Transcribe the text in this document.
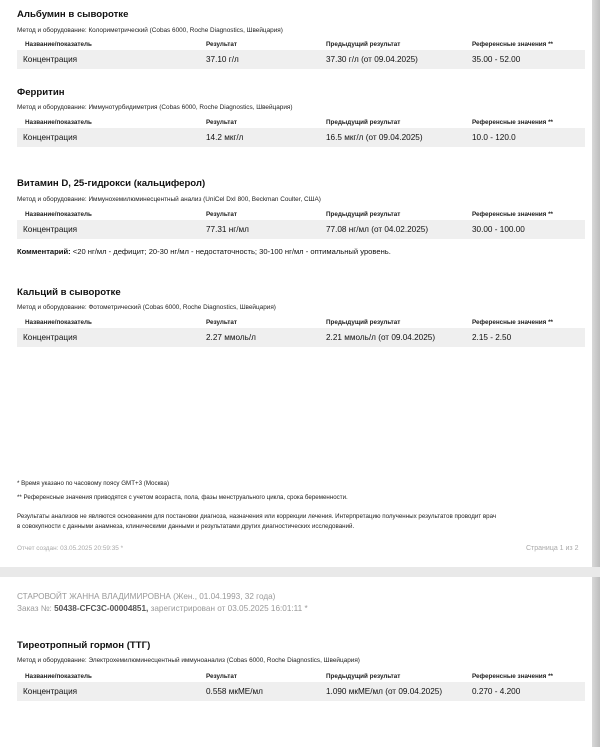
Альбумин в сыворотке
Метод и оборудование: Колориметрический (Cobas 6000, Roche Diagnostics, Швейцария)
Название/показатель	Результат	Предыдущий результат	Референсные значения **
Концентрация	37.10 г/л	37.30 г/л (от 09.04.2025)	35.00 - 52.00
Ферритин
Метод и оборудование: Иммунотурбидиметрия (Cobas 6000, Roche Diagnostics, Швейцария)
Название/показатель	Результат	Предыдущий результат	Референсные значения **
Концентрация	14.2 мкг/л	16.5 мкг/л (от 09.04.2025)	10.0 - 120.0
Витамин D, 25-гидрокси (кальциферол)
Метод и оборудование: Иммунохемилюминесцентный анализ (UniCel DxI 800, Beckman Coulter, США)
Название/показатель	Результат	Предыдущий результат	Референсные значения **
Концентрация	77.31 нг/мл	77.08 нг/мл (от 04.02.2025)	30.00 - 100.00
Комментарий: <20 нг/мл - дефицит; 20-30 нг/мл - недостаточность; 30-100 нг/мл - оптимальный уровень.
Кальций в сыворотке
Метод и оборудование: Фотометрический (Cobas 6000, Roche Diagnostics, Швейцария)
Название/показатель	Результат	Предыдущий результат	Референсные значения **
Концентрация	2.27 ммоль/л	2.21 ммоль/л (от 09.04.2025)	2.15 - 2.50
* Время указано по часовому поясу GMT+3 (Москва)
** Референсные значения приводятся с учетом возраста, пола, фазы менструального цикла, срока беременности.
Результаты анализов не являются основанием для постановки диагноза, назначения или коррекции лечения. Интерпретацию полученных результатов проводит врач
в совокупности с данными анамнеза, клиническими данными и результатами других диагностических исследований.
Отчет создан: 03.05.2025 20:59:35 *	Страница 1 из 2
СТАРОВОЙТ ЖАННА ВЛАДИМИРОВНА (Жен., 01.04.1993, 32 года)
Заказ №: 50438-CFC3C-00004851, зарегистрирован от 03.05.2025 16:01:11 *
Тиреотропный гормон (ТТГ)
Метод и оборудование: Электрохемилюминесцентный иммуноанализ (Cobas 6000, Roche Diagnostics, Швейцария)
Название/показатель	Результат	Предыдущий результат	Референсные значения **
Концентрация	0.558 мкМЕ/мл	1.090 мкМЕ/мл (от 09.04.2025)	0.270 - 4.200
